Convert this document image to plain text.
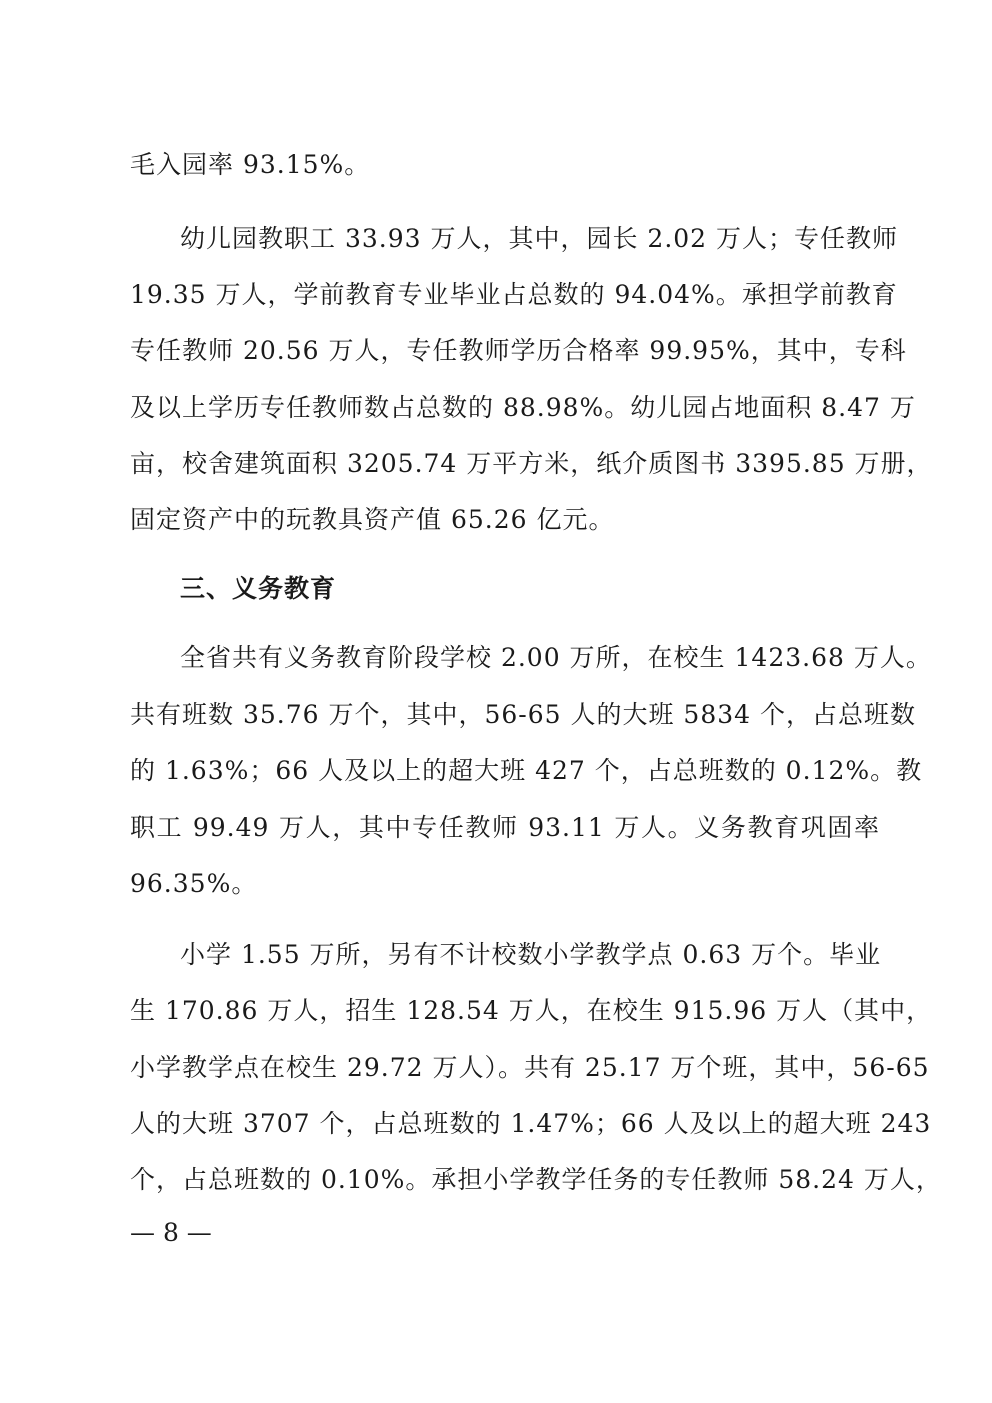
毛入园率 93.15%。
幼儿园教职工 33.93 万人，其中，园长 2.02 万人；专任教师
19.35 万人，学前教育专业毕业占总数的 94.04%。承担学前教育
专任教师 20.56 万人，专任教师学历合格率 99.95%，其中，专科
及以上学历专任教师数占总数的 88.98%。幼儿园占地面积 8.47 万
亩，校舍建筑面积 3205.74 万平方米，纸介质图书 3395.85 万册，
固定资产中的玩教具资产值 65.26 亿元。
三、义务教育
全省共有义务教育阶段学校 2.00 万所，在校生 1423.68 万人。
共有班数 35.76 万个，其中，56-65 人的大班 5834 个，占总班数
的 1.63%；66 人及以上的超大班 427 个，占总班数的 0.12%。教
职工 99.49 万人，其中专任教师 93.11 万人。义务教育巩固率
96.35%。
小学 1.55 万所，另有不计校数小学教学点 0.63 万个。毕业
生 170.86 万人，招生 128.54 万人，在校生 915.96 万人（其中，
小学教学点在校生 29.72 万人）。共有 25.17 万个班，其中，56-65
人的大班 3707 个，占总班数的 1.47%；66 人及以上的超大班 243
个，占总班数的 0.10%。承担小学教学任务的专任教师 58.24 万人，
— 8 —
